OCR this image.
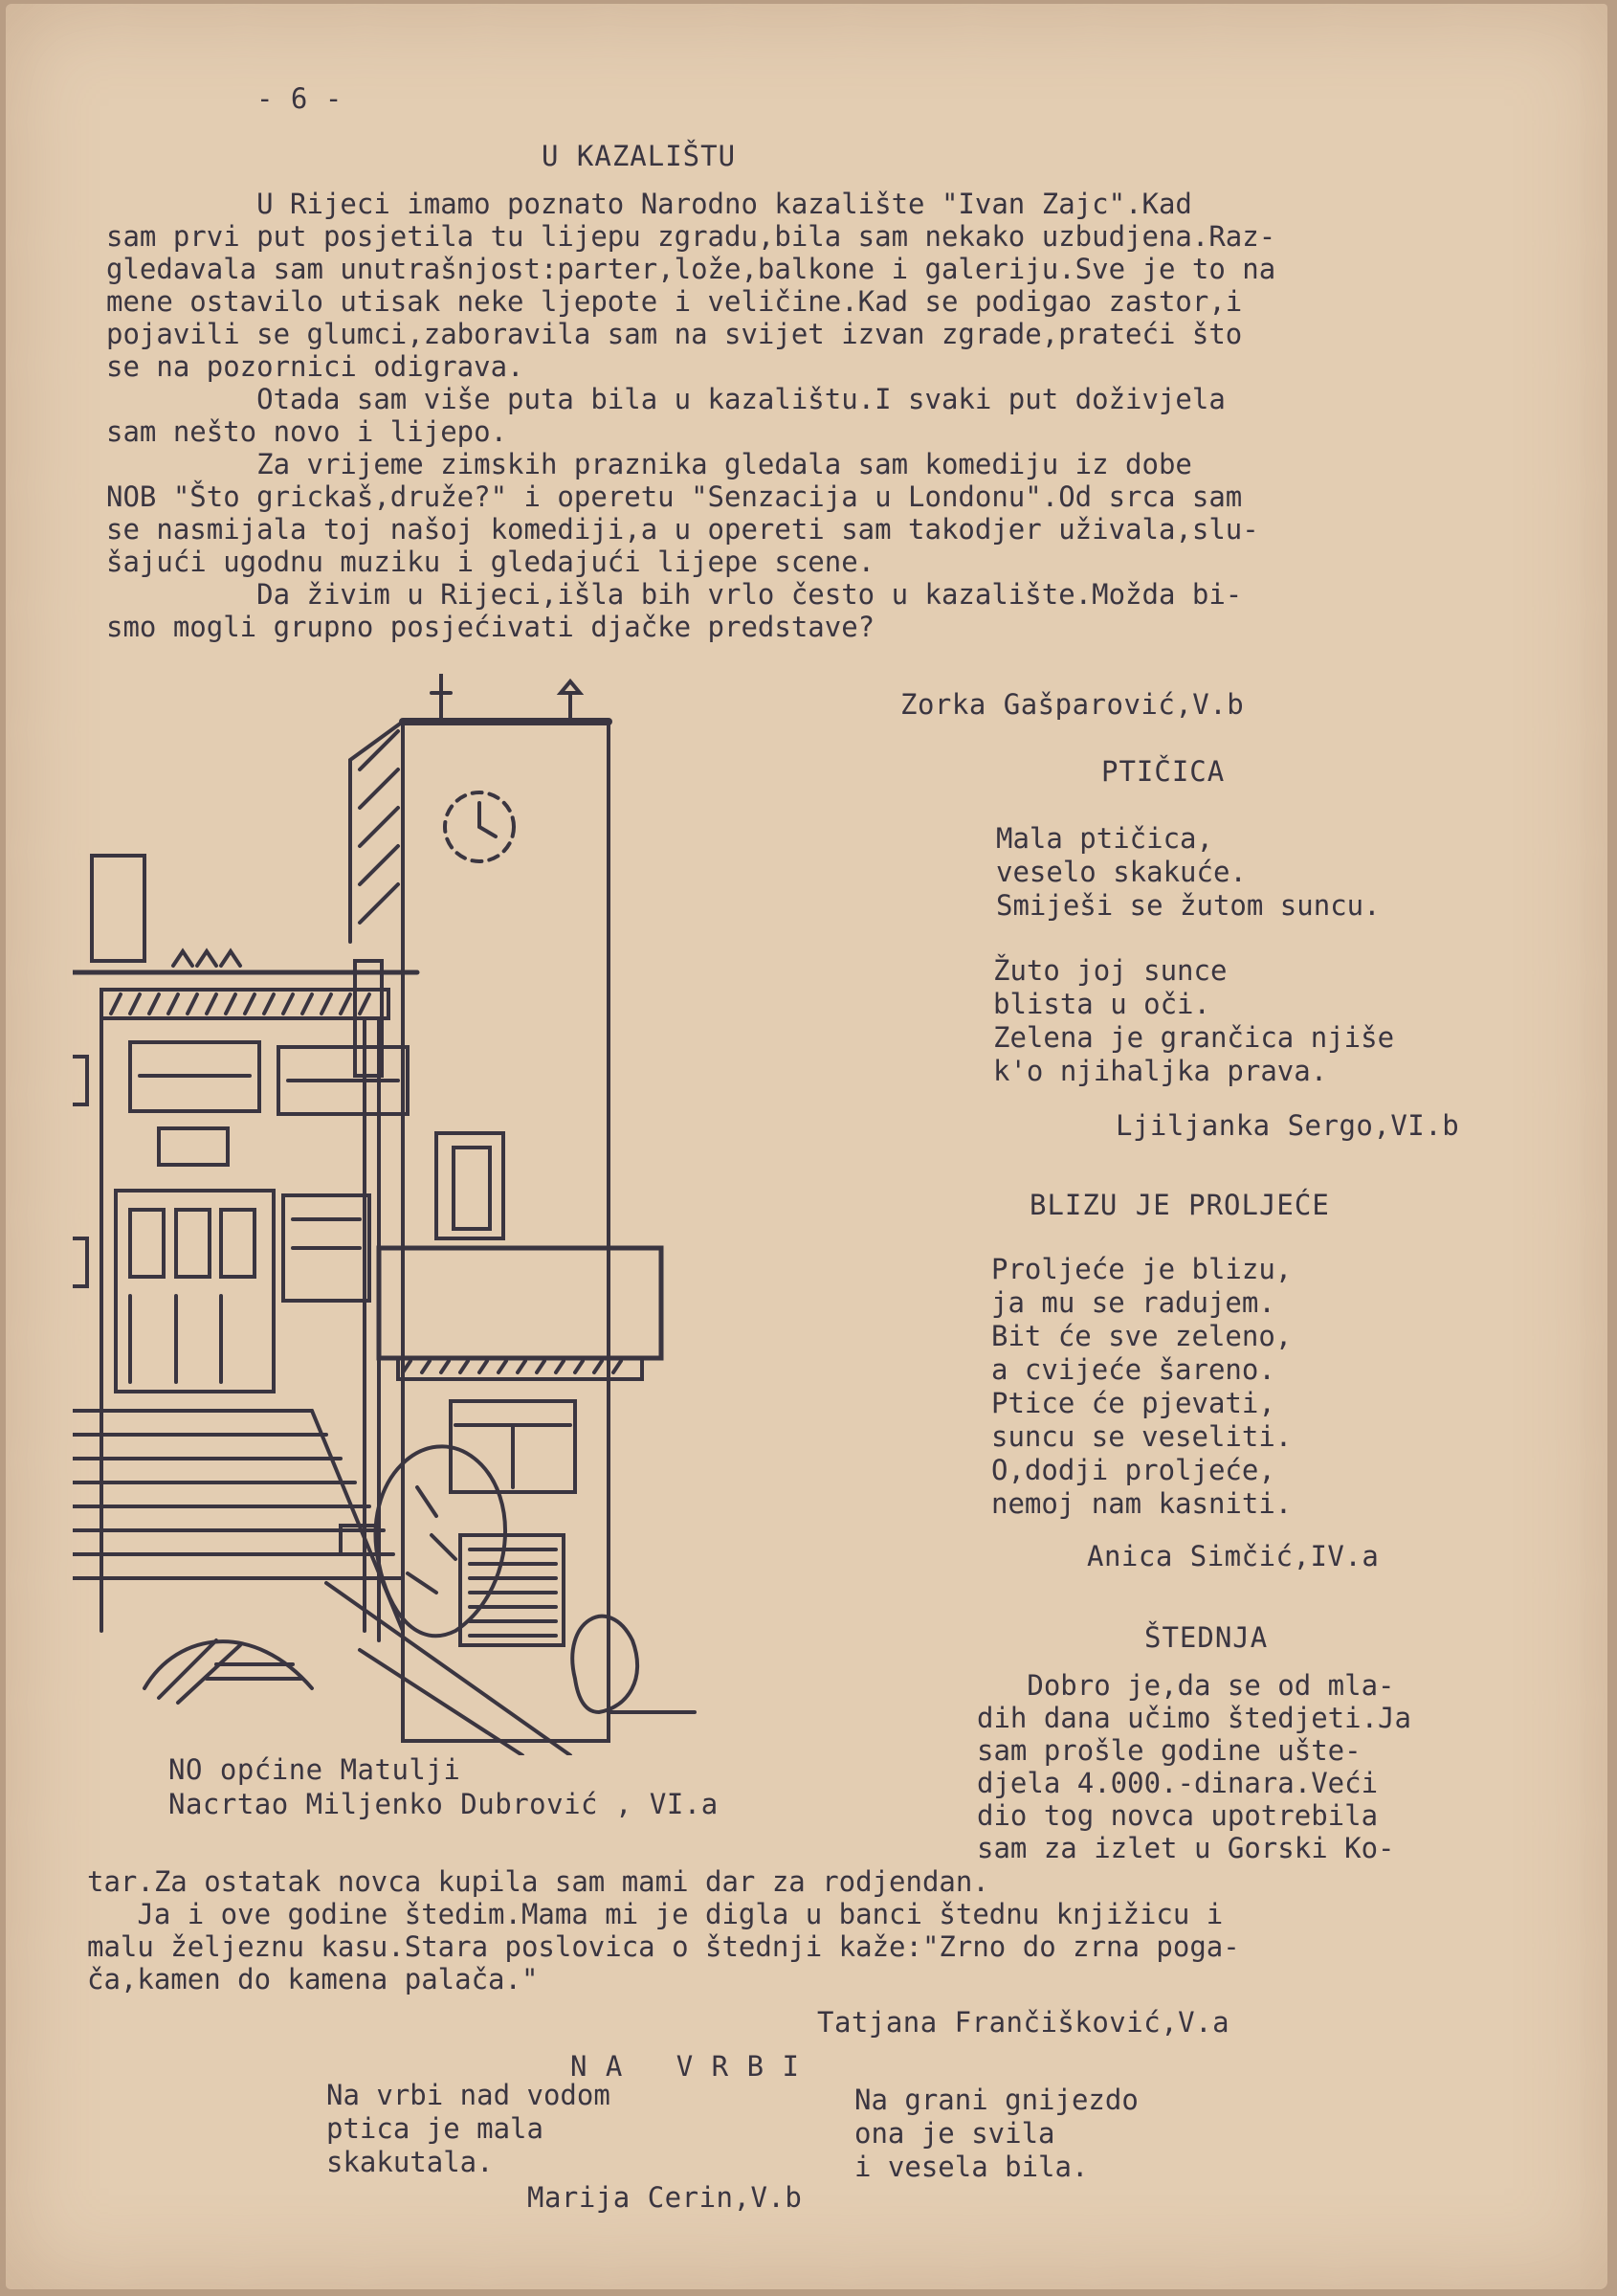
- 6 -
U KAZALIŠTU
U Rijeci imamo poznato Narodno kazalište "Ivan Zajc".Kad
sam prvi put posjetila tu lijepu zgradu,bila sam nekako uzbudjena.Raz-
gledavala sam unutrašnjost:parter,lože,balkone i galeriju.Sve je to na
mene ostavilo utisak neke ljepote i veličine.Kad se podigao zastor,i
pojavili se glumci,zaboravila sam na svijet izvan zgrade,prateći što
se na pozornici odigrava.
Otada sam više puta bila u kazalištu.I svaki put doživjela
sam nešto novo i lijepo.
Za vrijeme zimskih praznika gledala sam komediju iz dobe
NOB "Što grickaš,druže?" i operetu "Senzacija u Londonu".Od srca sam
se nasmijala toj našoj komediji,a u opereti sam takodjer uživala,slu-
šajući ugodnu muziku i gledajući lijepe scene.
Da živim u Rijeci,išla bih vrlo često u kazalište.Možda bi-
smo mogli grupno posjećivati djačke predstave?
Zorka Gašparović,V.b
PTIČICA
Mala ptičica,
veselo skakuće.
Smiješi se žutom suncu.
Žuto joj sunce
blista u oči.
Zelena je grančica njiše
k'o njihaljka prava.
Ljiljanka Sergo,VI.b
BLIZU JE PROLJEĆE
Proljeće je blizu,
ja mu se radujem.
Bit će sve zeleno,
a cvijeće šareno.
Ptice će pjevati,
suncu se veseliti.
O,dodji proljeće,
nemoj nam kasniti.
Anica Simčić,IV.a
NO općine Matulji
Nacrtao Miljenko Dubrović , VI.a
ŠTEDNJA
Dobro je,da se od mla-
dih dana učimo štedjeti.Ja
sam prošle godine ušte-
djela 4.000.-dinara.Veći
dio tog novca upotrebila
sam za izlet u Gorski Ko-
tar.Za ostatak novca kupila sam mami dar za rodjendan.
Ja i ove godine štedim.Mama mi je digla u banci štednu knjižicu i
malu željeznu kasu.Stara poslovica o štednji kaže:"Zrno do zrna poga-
ča,kamen do kamena palača."
Tatjana Frančišković,V.a
N A   V R B I
Na vrbi nad vodom
ptica je mala
skakutala.
Na grani gnijezdo
ona je svila
i vesela bila.
Marija Cerin,V.b
